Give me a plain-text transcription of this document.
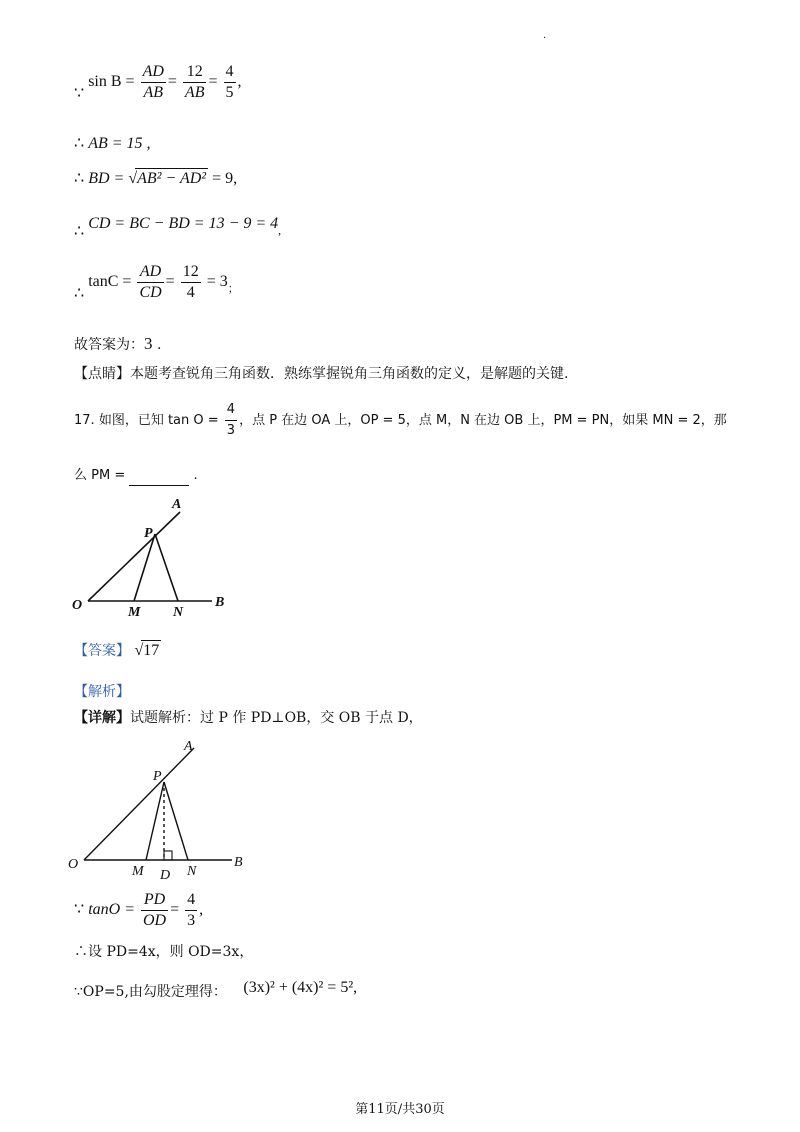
.
∵ $\sin B = \frac{AD}{AB} = \frac{12}{AB} = \frac{4}{5}$ ,
∴ AB = 15 ,
∴ BD = √AB² − AD² = 9,
∴ CD = BC − BD = $13 - 9 = 4_,$
∴ $\tan C = \frac{AD}{CD} = \frac{12}{4} = 3_;$
故答案为：3 .
【点睛】本题考查锐角三角函数．熟练掌握锐角三角函数的定义，是解题的关键.
17. 如图，已知 $\tan O = \frac{4}{3}$ ，点 P 在边 OA 上，OP = 5，点 M，N 在边 OB 上，PM = PN，如果 MN = 2，那
么 PM =	.
A
P
O	M N
B
【答案】 √17
【解析】
【详解】试题解析：过 P 作 PD⊥OB，交 OB 于点 D，
A
P
O	M D N
B
∵ $\tan O = \frac{PD}{OD} = \frac{4}{3}$ ,
∴设 PD=4x，则 OD=3x，
∵OP=5,由勾股定理得： (3x)² + (4x)² = 5²,
第11页/共30页
